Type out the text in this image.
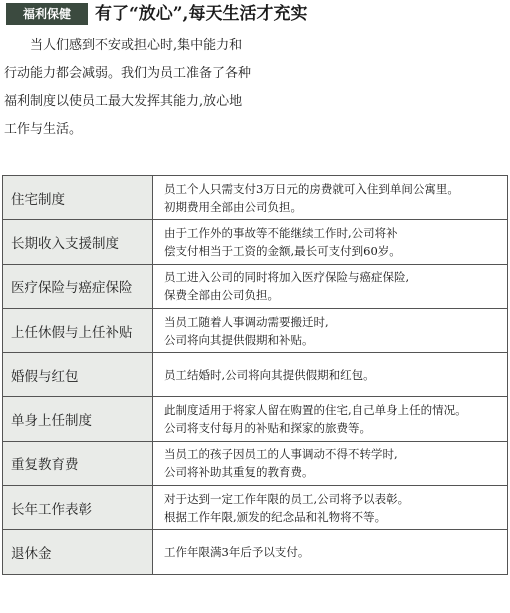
福利保健	有了“放心”,每天生活才充实
当人们感到不安或担心时,集中能力和
行动能力都会减弱。我们为员工准备了各种
福利制度以使员工最大发挥其能力,放心地
工作与生活。
住宅制度	员工个人只需支付3万日元的房费就可入住到单间公寓里。
初期费用全部由公司负担。

长期收入支援制度	由于工作外的事故等不能继续工作时,公司将补
偿支付相当于工资的金额,最长可支付到60岁。

医疗保险与癌症保险	员工进入公司的同时将加入医疗保险与癌症保险,
保费全部由公司负担。

上任休假与上任补贴	当员工随着人事调动需要搬迁时,
公司将向其提供假期和补贴。

婚假与红包	员工结婚时,公司将向其提供假期和红包。

单身上任制度	此制度适用于将家人留在购置的住宅,自己单身上任的情况。
公司将支付每月的补贴和探家的旅费等。

重复教育费	当员工的孩子因员工的人事调动不得不转学时,
公司将补助其重复的教育费。

长年工作表彰	对于达到一定工作年限的员工,公司将予以表彰。
根据工作年限,颁发的纪念品和礼物将不等。

退休金	工作年限满3年后予以支付。
